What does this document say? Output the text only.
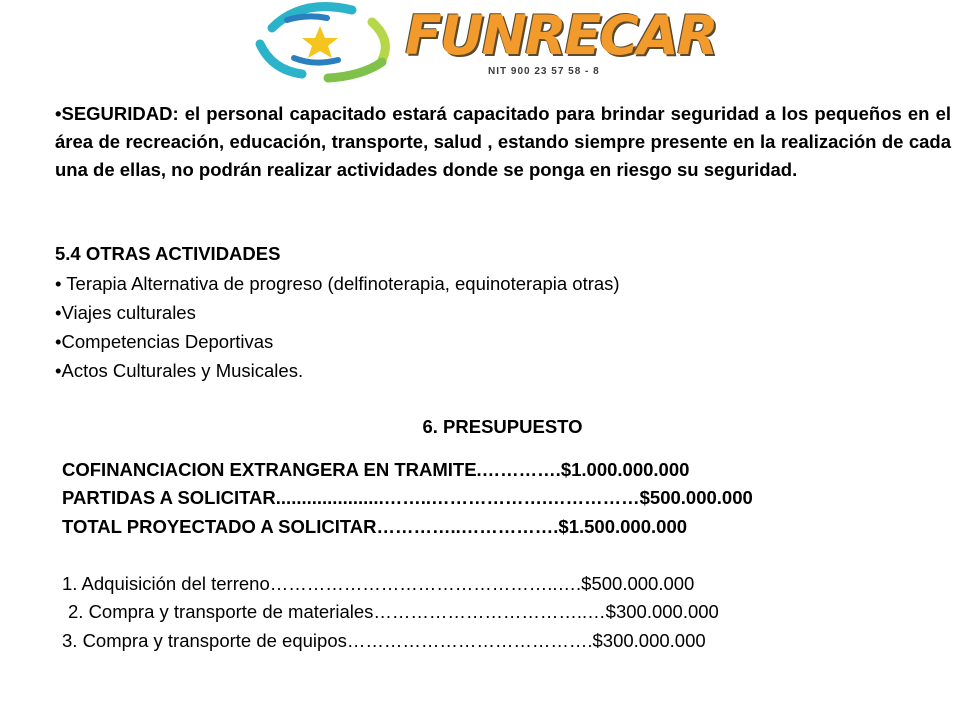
FUNRECAR
NIT 900 23 57 58 - 8
•SEGURIDAD: el personal capacitado estará capacitado para brindar seguridad a los pequeños en el área de recreación, educación, transporte, salud , estando siempre presente en la realización de cada una de ellas, no podrán realizar actividades donde se ponga en riesgo su seguridad.
5.4 OTRAS ACTIVIDADES
• Terapia Alternativa de progreso (delfinoterapia, equinoterapia otras)
•Viajes culturales
•Competencias Deportivas
•Actos Culturales y Musicales.
6. PRESUPUESTO
COFINANCIACION EXTRANGERA EN TRAMITE.………….$1.000.000.000
PARTIDAS A SOLICITAR.....................……..……………….……………$500.000.000
TOTAL PROYECTADO A SOLICITAR…………..…………….$1.500.000.000
1. Adquisición del terreno………………………………………..….$500.000.000
2. Compra y transporte de materiales……………………………..…$300.000.000
3. Compra y transporte de equipos………………………………….$300.000.000
